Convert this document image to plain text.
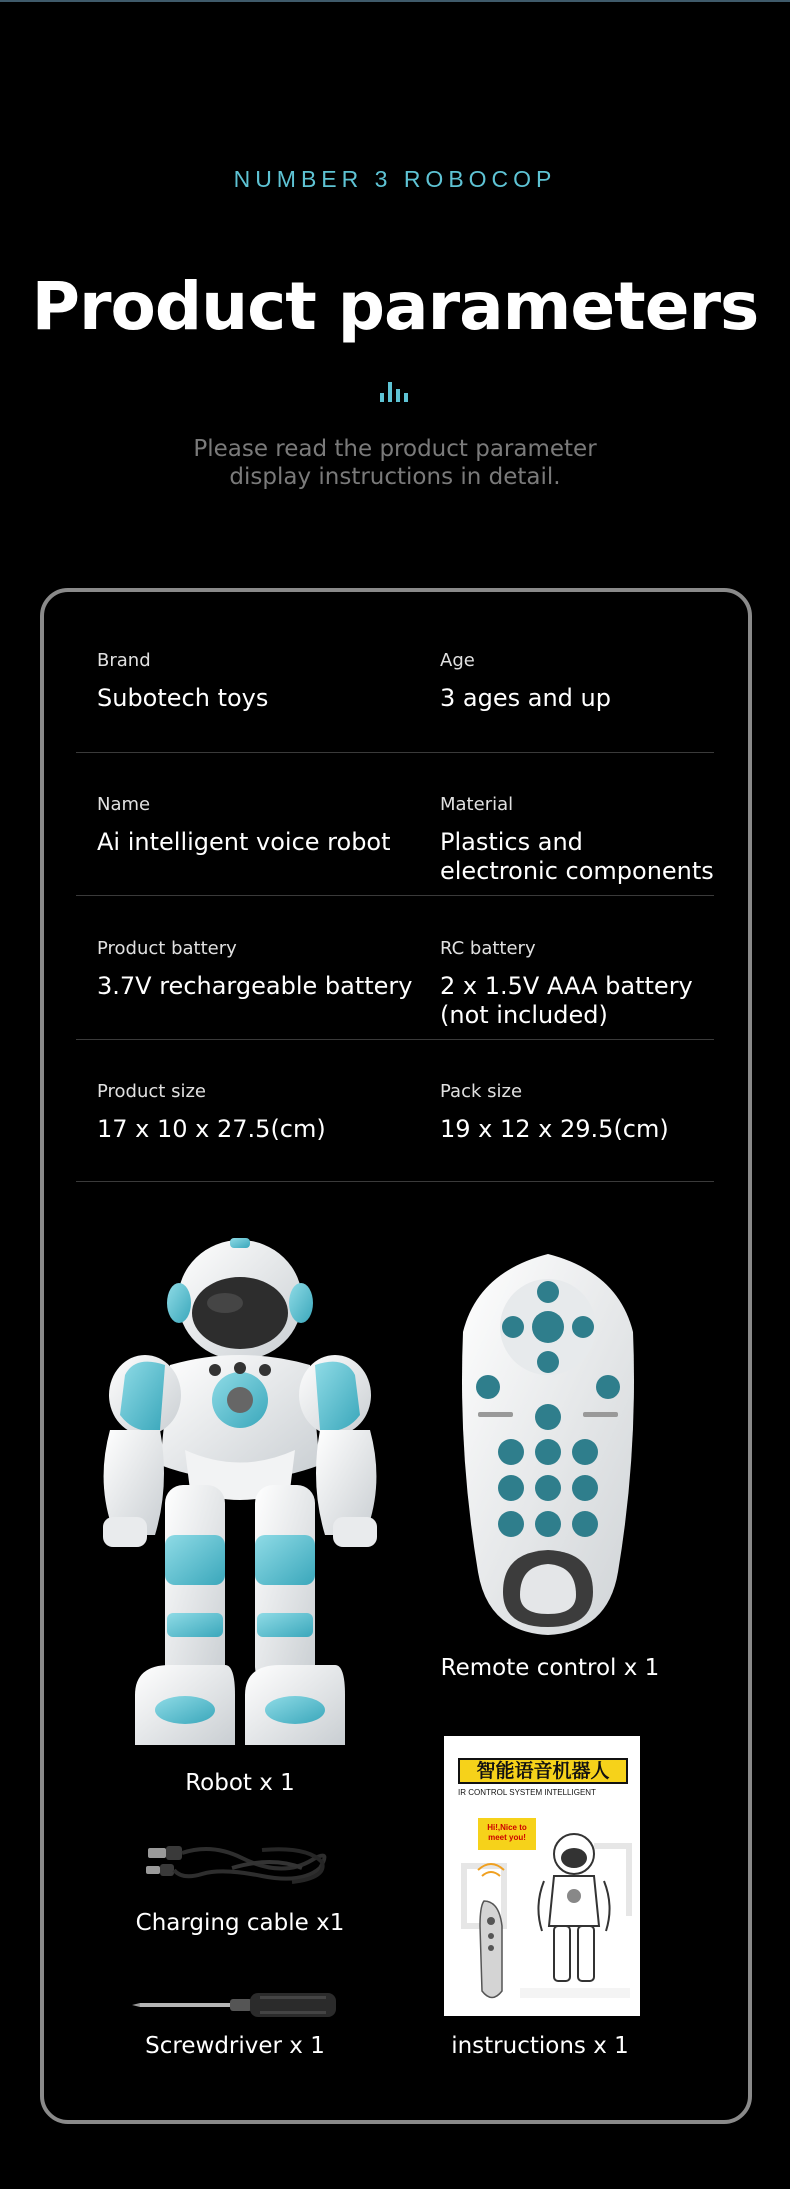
NUMBER 3 ROBOCOP
Product parameters
Please read the product parameter
display instructions in detail.
Brand
Subotech toys
Age
3 ages and up
Name
Ai intelligent voice robot
Material
Plastics and
electronic components
Product battery
3.7V rechargeable battery
RC battery
2 x 1.5V AAA battery
(not included)
Product size
17 x 10 x 27.5(cm)
Pack size
19 x 12 x 29.5(cm)
Robot x 1
Remote control x 1
Charging cable x1
智能语音机器人
IR CONTROL SYSTEM INTELLIGENT
Hi!,Nice to meet you!
instructions x 1
Screwdriver x 1
